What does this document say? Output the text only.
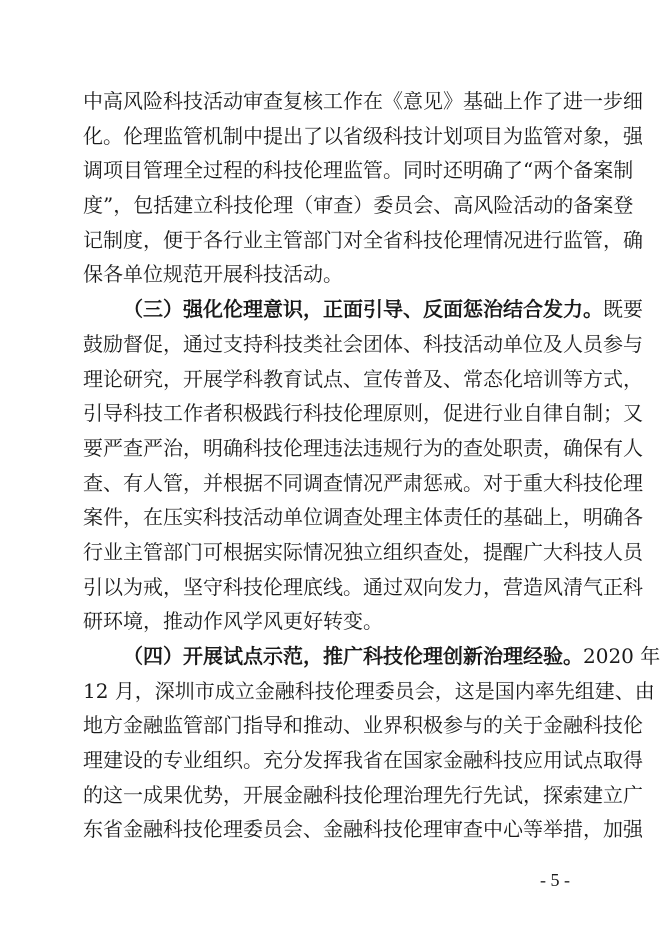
中高风险科技活动审查复核工作在《意见》基础上作了进一步细
化。伦理监管机制中提出了以省级科技计划项目为监管对象，强
调项目管理全过程的科技伦理监管。同时还明确了“两个备案制
度”，包括建立科技伦理（审查）委员会、高风险活动的备案登
记制度，便于各行业主管部门对全省科技伦理情况进行监管，确
保各单位规范开展科技活动。
（三）强化伦理意识，正面引导、反面惩治结合发力。既要
鼓励督促，通过支持科技类社会团体、科技活动单位及人员参与
理论研究，开展学科教育试点、宣传普及、常态化培训等方式，
引导科技工作者积极践行科技伦理原则，促进行业自律自制；又
要严查严治，明确科技伦理违法违规行为的查处职责，确保有人
查、有人管，并根据不同调查情况严肃惩戒。对于重大科技伦理
案件，在压实科技活动单位调查处理主体责任的基础上，明确各
行业主管部门可根据实际情况独立组织查处，提醒广大科技人员
引以为戒，坚守科技伦理底线。通过双向发力，营造风清气正科
研环境，推动作风学风更好转变。
（四）开展试点示范，推广科技伦理创新治理经验。2020 年
12 月，深圳市成立金融科技伦理委员会，这是国内率先组建、由
地方金融监管部门指导和推动、业界积极参与的关于金融科技伦
理建设的专业组织。充分发挥我省在国家金融科技应用试点取得
的这一成果优势，开展金融科技伦理治理先行先试，探索建立广
东省金融科技伦理委员会、金融科技伦理审查中心等举措，加强
- 5 -
